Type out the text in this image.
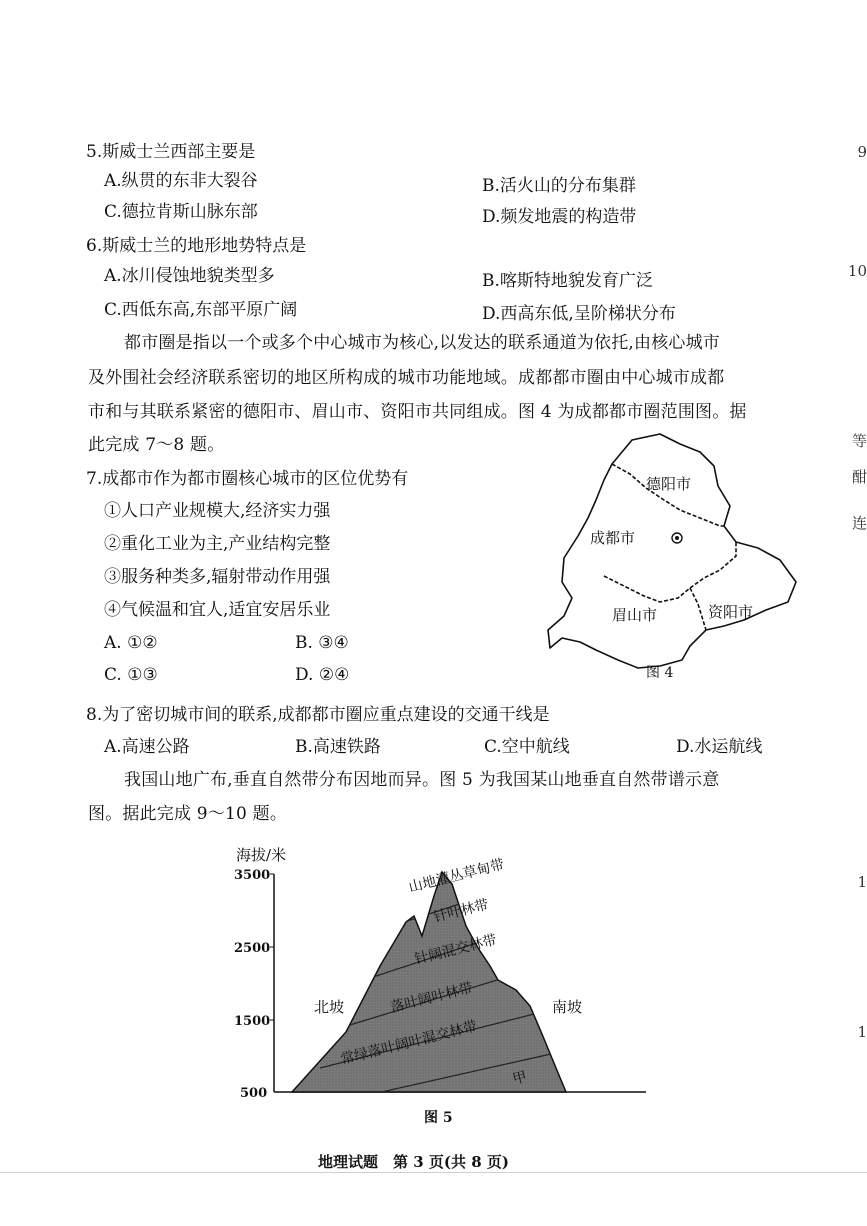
9
10
等
酣
连
1
1
5.斯威士兰西部主要是
A.纵贯的东非大裂谷	B.活火山的分布集群
C.德拉肯斯山脉东部	D.频发地震的构造带
6.斯威士兰的地形地势特点是
A.冰川侵蚀地貌类型多	B.喀斯特地貌发育广泛
C.西低东高,东部平原广阔	D.西高东低,呈阶梯状分布
都市圈是指以一个或多个中心城市为核心,以发达的联系通道为依托,由核心城市
及外围社会经济联系密切的地区所构成的城市功能地域。成都都市圈由中心城市成都
市和与其联系紧密的德阳市、眉山市、资阳市共同组成。图 4 为成都都市圈范围图。据
此完成 7～8 题。
7.成都市作为都市圈核心城市的区位优势有
①人口产业规模大,经济实力强
②重化工业为主,产业结构完整
③服务种类多,辐射带动作用强
④气候温和宜人,适宜安居乐业
A. ①②	B. ③④
C. ①③	D. ②④
德阳市
成都市
眉山市	资阳市
图 4
8.为了密切城市间的联系,成都都市圈应重点建设的交通干线是
A.高速公路	B.高速铁路	C.空中航线	D.水运航线
我国山地广布,垂直自然带分布因地而异。图 5 为我国某山地垂直自然带谱示意
图。据此完成 9～10 题。
海拔/米
3500
2500
1500
500
北坡	南坡
山地灌丛草甸带
针叶林带
针阔混交林带
落叶阔叶林带
常绿落叶阔叶混交林带
甲
图 5
地理试题　第 3 页(共 8 页)
